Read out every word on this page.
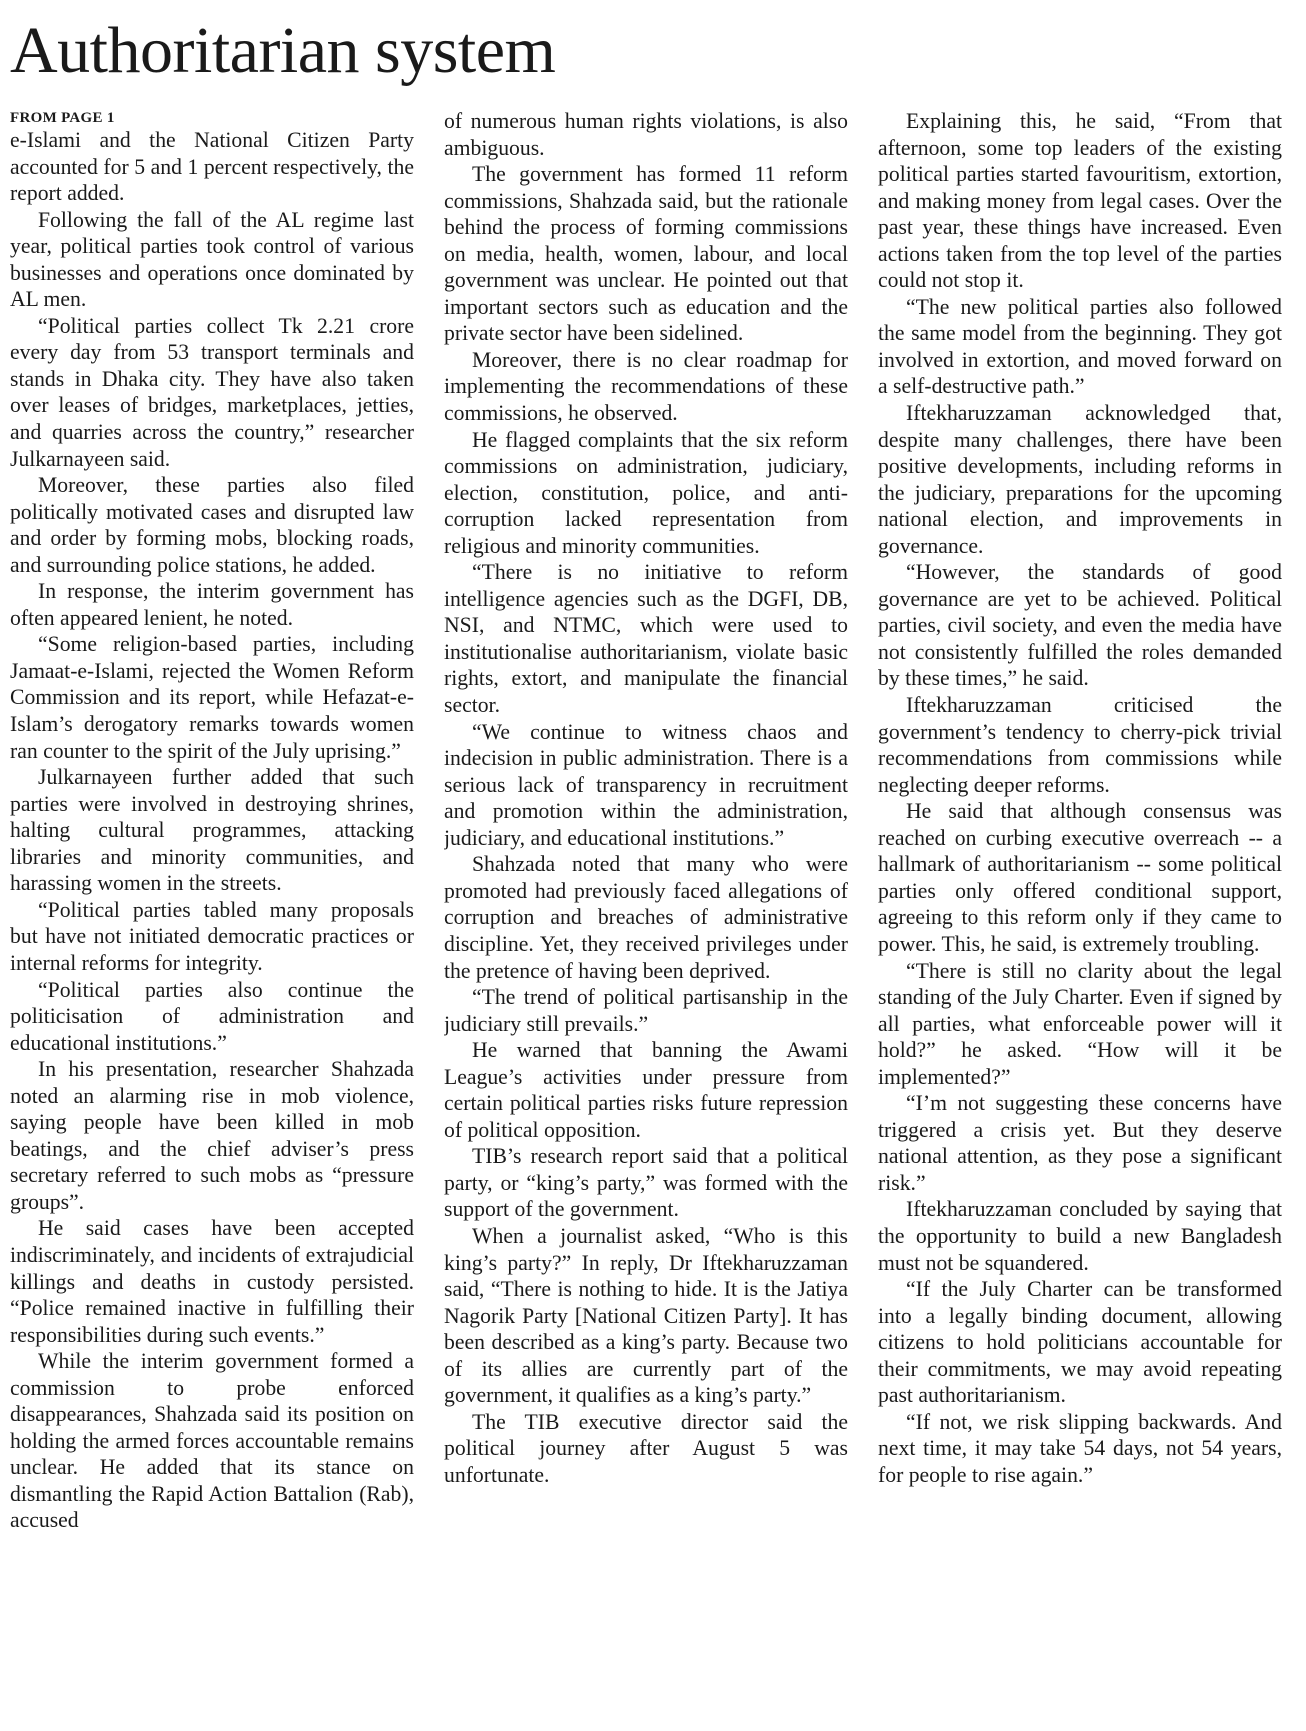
Authoritarian system
FROM PAGE 1

e-Islami and the National Citizen Party accounted for 5 and 1 percent respectively, the report added.

Following the fall of the AL regime last year, political parties took control of various businesses and operations once dominated by AL men.

“Political parties collect Tk 2.21 crore every day from 53 transport terminals and stands in Dhaka city. They have also taken over leases of bridges, marketplaces, jetties, and quarries across the country,” researcher Julkarnayeen said.

Moreover, these parties also filed politically motivated cases and disrupted law and order by forming mobs, blocking roads, and surrounding police stations, he added.

In response, the interim government has often appeared lenient, he noted.

“Some religion-based parties, including Jamaat-e-Islami, rejected the Women Reform Commission and its report, while Hefazat-e-Islam’s derogatory remarks towards women ran counter to the spirit of the July uprising.”

Julkarnayeen further added that such parties were involved in destroying shrines, halting cultural programmes, attacking libraries and minority communities, and harassing women in the streets.

“Political parties tabled many proposals but have not initiated democratic practices or internal reforms for integrity.

“Political parties also continue the politicisation of administration and educational institutions.”

In his presentation, researcher Shahzada noted an alarming rise in mob violence, saying people have been killed in mob beatings, and the chief adviser’s press secretary referred to such mobs as “pressure groups”.

He said cases have been accepted indiscriminately, and incidents of extrajudicial killings and deaths in custody persisted. “Police remained inactive in fulfilling their responsibilities during such events.”

While the interim government formed a commission to probe enforced disappearances, Shahzada said its position on holding the armed forces accountable remains unclear. He added that its stance on dismantling the Rapid Action Battalion (Rab), accused

of numerous human rights violations, is also ambiguous.

The government has formed 11 reform commissions, Shahzada said, but the rationale behind the process of forming commissions on media, health, women, labour, and local government was unclear. He pointed out that important sectors such as education and the private sector have been sidelined.

Moreover, there is no clear roadmap for implementing the recommendations of these commissions, he observed.

He flagged complaints that the six reform commissions on administration, judiciary, election, constitution, police, and anti-corruption lacked representation from religious and minority communities.

“There is no initiative to reform intelligence agencies such as the DGFI, DB, NSI, and NTMC, which were used to institutionalise authoritarianism, violate basic rights, extort, and manipulate the financial sector.

“We continue to witness chaos and indecision in public administration. There is a serious lack of transparency in recruitment and promotion within the administration, judiciary, and educational institutions.”

Shahzada noted that many who were promoted had previously faced allegations of corruption and breaches of administrative discipline. Yet, they received privileges under the pretence of having been deprived.

“The trend of political partisanship in the judiciary still prevails.”

He warned that banning the Awami League’s activities under pressure from certain political parties risks future repression of political opposition.

TIB’s research report said that a political party, or “king’s party,” was formed with the support of the government.

When a journalist asked, “Who is this king’s party?” In reply, Dr Iftekharuzzaman said, “There is nothing to hide. It is the Jatiya Nagorik Party [National Citizen Party]. It has been described as a king’s party. Because two of its allies are currently part of the government, it qualifies as a king’s party.”

The TIB executive director said the political journey after August 5 was unfortunate.

Explaining this, he said, “From that afternoon, some top leaders of the existing political parties started favouritism, extortion, and making money from legal cases. Over the past year, these things have increased. Even actions taken from the top level of the parties could not stop it.

“The new political parties also followed the same model from the beginning. They got involved in extortion, and moved forward on a self-destructive path.”

Iftekharuzzaman acknowledged that, despite many challenges, there have been positive developments, including reforms in the judiciary, preparations for the upcoming national election, and improvements in governance.

“However, the standards of good governance are yet to be achieved. Political parties, civil society, and even the media have not consistently fulfilled the roles demanded by these times,” he said.

Iftekharuzzaman criticised the government’s tendency to cherry-pick trivial recommendations from commissions while neglecting deeper reforms.

He said that although consensus was reached on curbing executive overreach -- a hallmark of authoritarianism -- some political parties only offered conditional support, agreeing to this reform only if they came to power. This, he said, is extremely troubling.

“There is still no clarity about the legal standing of the July Charter. Even if signed by all parties, what enforceable power will it hold?” he asked. “How will it be implemented?”

“I’m not suggesting these concerns have triggered a crisis yet. But they deserve national attention, as they pose a significant risk.”

Iftekharuzzaman concluded by saying that the opportunity to build a new Bangladesh must not be squandered.

“If the July Charter can be transformed into a legally binding document, allowing citizens to hold politicians accountable for their commitments, we may avoid repeating past authoritarianism.

“If not, we risk slipping backwards. And next time, it may take 54 days, not 54 years, for people to rise again.”
